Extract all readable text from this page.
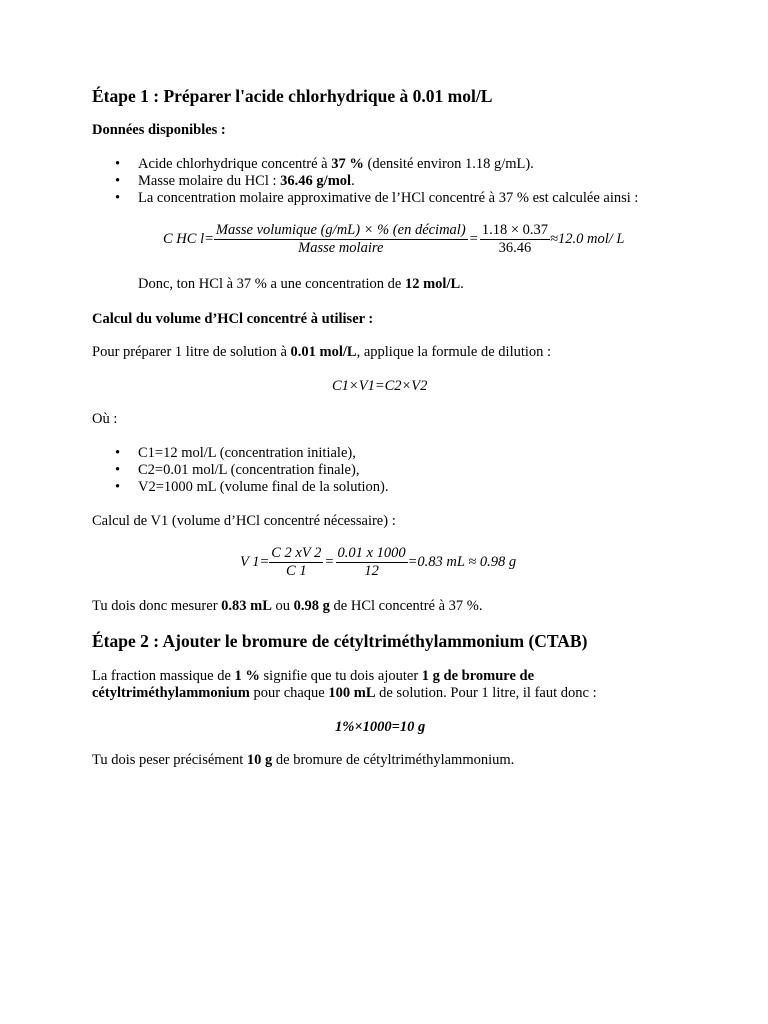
Étape 1 : Préparer l'acide chlorhydrique à 0.01 mol/L
Données disponibles :
• Acide chlorhydrique concentré à 37 % (densité environ 1.18 g/mL).
• Masse molaire du HCl : 36.46 g/mol.
• La concentration molaire approximative de l’HCl concentré à 37 % est calculée ainsi :
C HC $l= \frac{\text{Masse volumique (g/mL) × \% (en décimal)}}{\text{Masse molaire}} = \frac{1.18 \times 0.37}{36.46} \approx 12.0$ mol/ L
Donc, ton HCl à 37 % a une concentration de 12 mol/L.
Calcul du volume d’HCl concentré à utiliser :
Pour préparer 1 litre de solution à 0.01 mol/L, applique la formule de dilution :
C1×V1=C2×V2
Où :
• C1=12 mol/L (concentration initiale),
• C2=0.01 mol/L (concentration finale),
• V2=1000 mL (volume final de la solution).
Calcul de V1 (volume d’HCl concentré nécessaire) :
V $1= \frac{C 2 xV 2}{C 1} = \frac{0.01 x 1000}{12} =0.83$ mL ≈ 0.98 g
Tu dois donc mesurer 0.83 mL ou 0.98 g de HCl concentré à 37 %.
Étape 2 : Ajouter le bromure de cétyltriméthylammonium (CTAB)
La fraction massique de 1 % signifie que tu dois ajouter 1 g de bromure de
cétyltriméthylammonium pour chaque 100 mL de solution. Pour 1 litre, il faut donc :
1%×1000=10 g
Tu dois peser précisément 10 g de bromure de cétyltriméthylammonium.
